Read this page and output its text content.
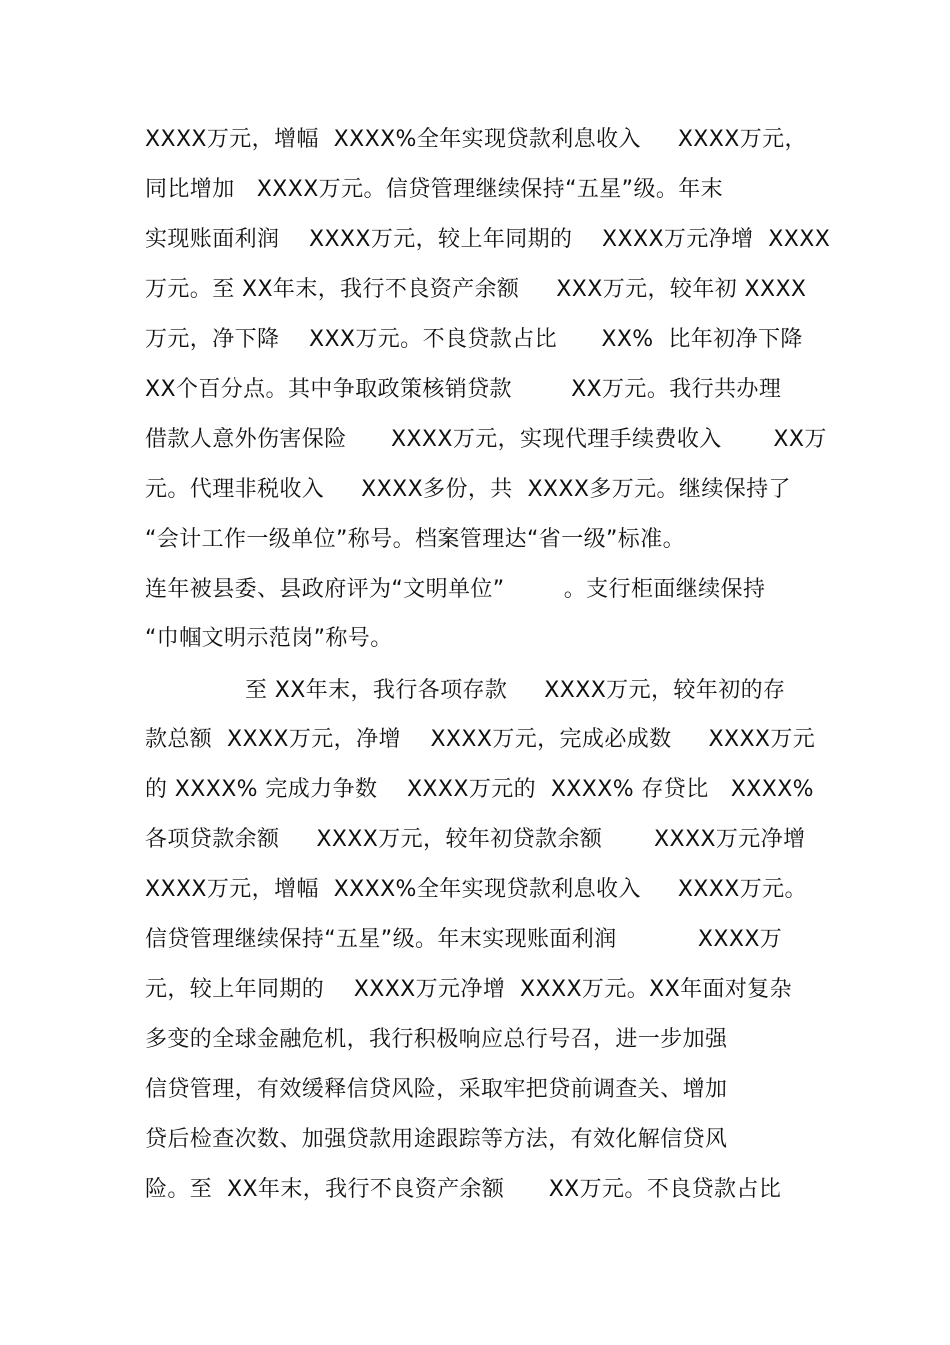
XXXX万元，增幅  XXXX%全年实现贷款利息收入     XXXX万元，
同比增加   XXXX万元。信贷管理继续保持“五星”级。年末
实现账面利润    XXXX万元，较上年同期的    XXXX万元净增  XXXX
万元。至 XX年末，我行不良资产余额     XXX万元，较年初 XXXX
万元，净下降    XXX万元。不良贷款占比      XX%  比年初净下降
XX个百分点。其中争取政策核销贷款        XX万元。我行共办理
借款人意外伤害保险      XXXX万元，实现代理手续费收入       XX万
元。代理非税收入     XXXX多份，共  XXXX多万元。继续保持了
“会计工作一级单位”称号。档案管理达“省一级”标准。
连年被县委、县政府评为“文明单位”        。支行柜面继续保持
“巾帼文明示范岗”称号。
至 XX年末，我行各项存款     XXXX万元，较年初的存
款总额  XXXX万元，净增    XXXX万元，完成必成数     XXXX万元
的 XXXX% 完成力争数    XXXX万元的  XXXX% 存贷比   XXXX%
各项贷款余额     XXXX万元，较年初贷款余额       XXXX万元净增
XXXX万元，增幅  XXXX%全年实现贷款利息收入     XXXX万元。
信贷管理继续保持“五星”级。年末实现账面利润           XXXX万
元，较上年同期的    XXXX万元净增  XXXX万元。XX年面对复杂
多变的全球金融危机，我行积极响应总行号召，进一步加强
信贷管理，有效缓释信贷风险，采取牢把贷前调查关、增加
贷后检查次数、加强贷款用途跟踪等方法，有效化解信贷风
险。至  XX年末，我行不良资产余额      XX万元。不良贷款占比
